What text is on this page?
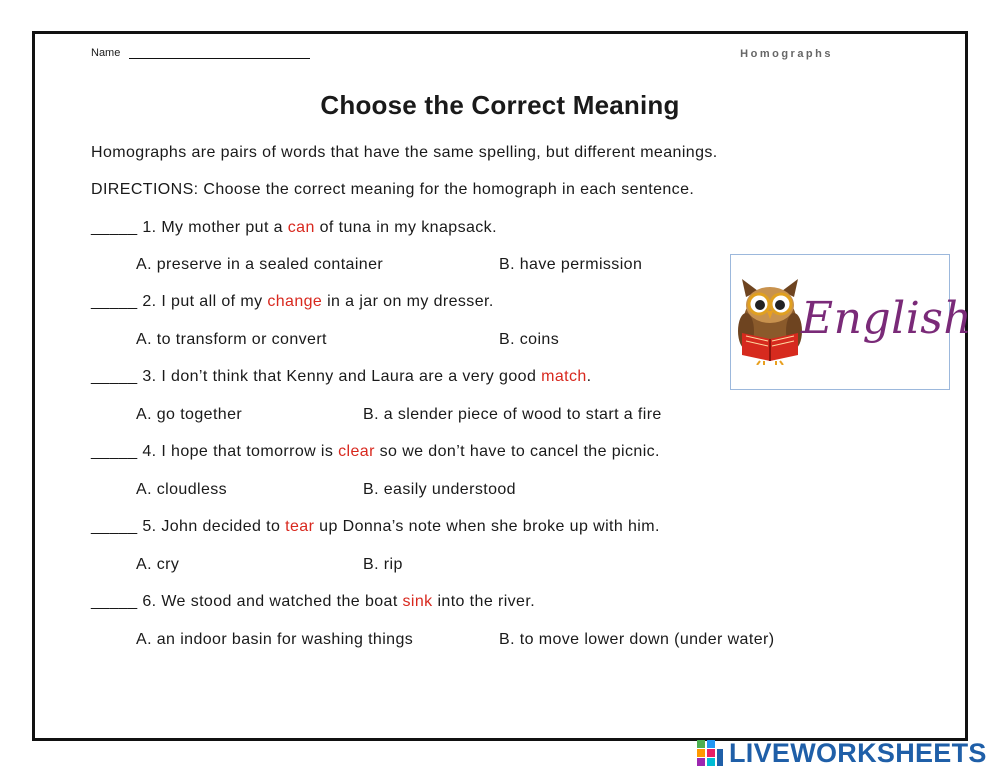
Name	Homographs
Choose the Correct Meaning
Homographs are pairs of words that have the same spelling, but different meanings.
DIRECTIONS: Choose the correct meaning for the homograph in each sentence.
_____ 1. My mother put a can of tuna in my knapsack.
A. preserve in a sealed container	B. have permission
_____ 2. I put all of my change in a jar on my dresser.
A. to transform or convert	B. coins
_____ 3. I don’t think that Kenny and Laura are a very good match.
A. go together	B. a slender piece of wood to start a fire
_____ 4. I hope that tomorrow is clear so we don’t have to cancel the picnic.
A. cloudless	B. easily understood
_____ 5. John decided to tear up Donna’s note when she broke up with him.
A. cry	B. rip
_____ 6. We stood and watched the boat sink into the river.
A. an indoor basin for washing things	B. to move lower down (under water)
English
LIVEWORKSHEETS
